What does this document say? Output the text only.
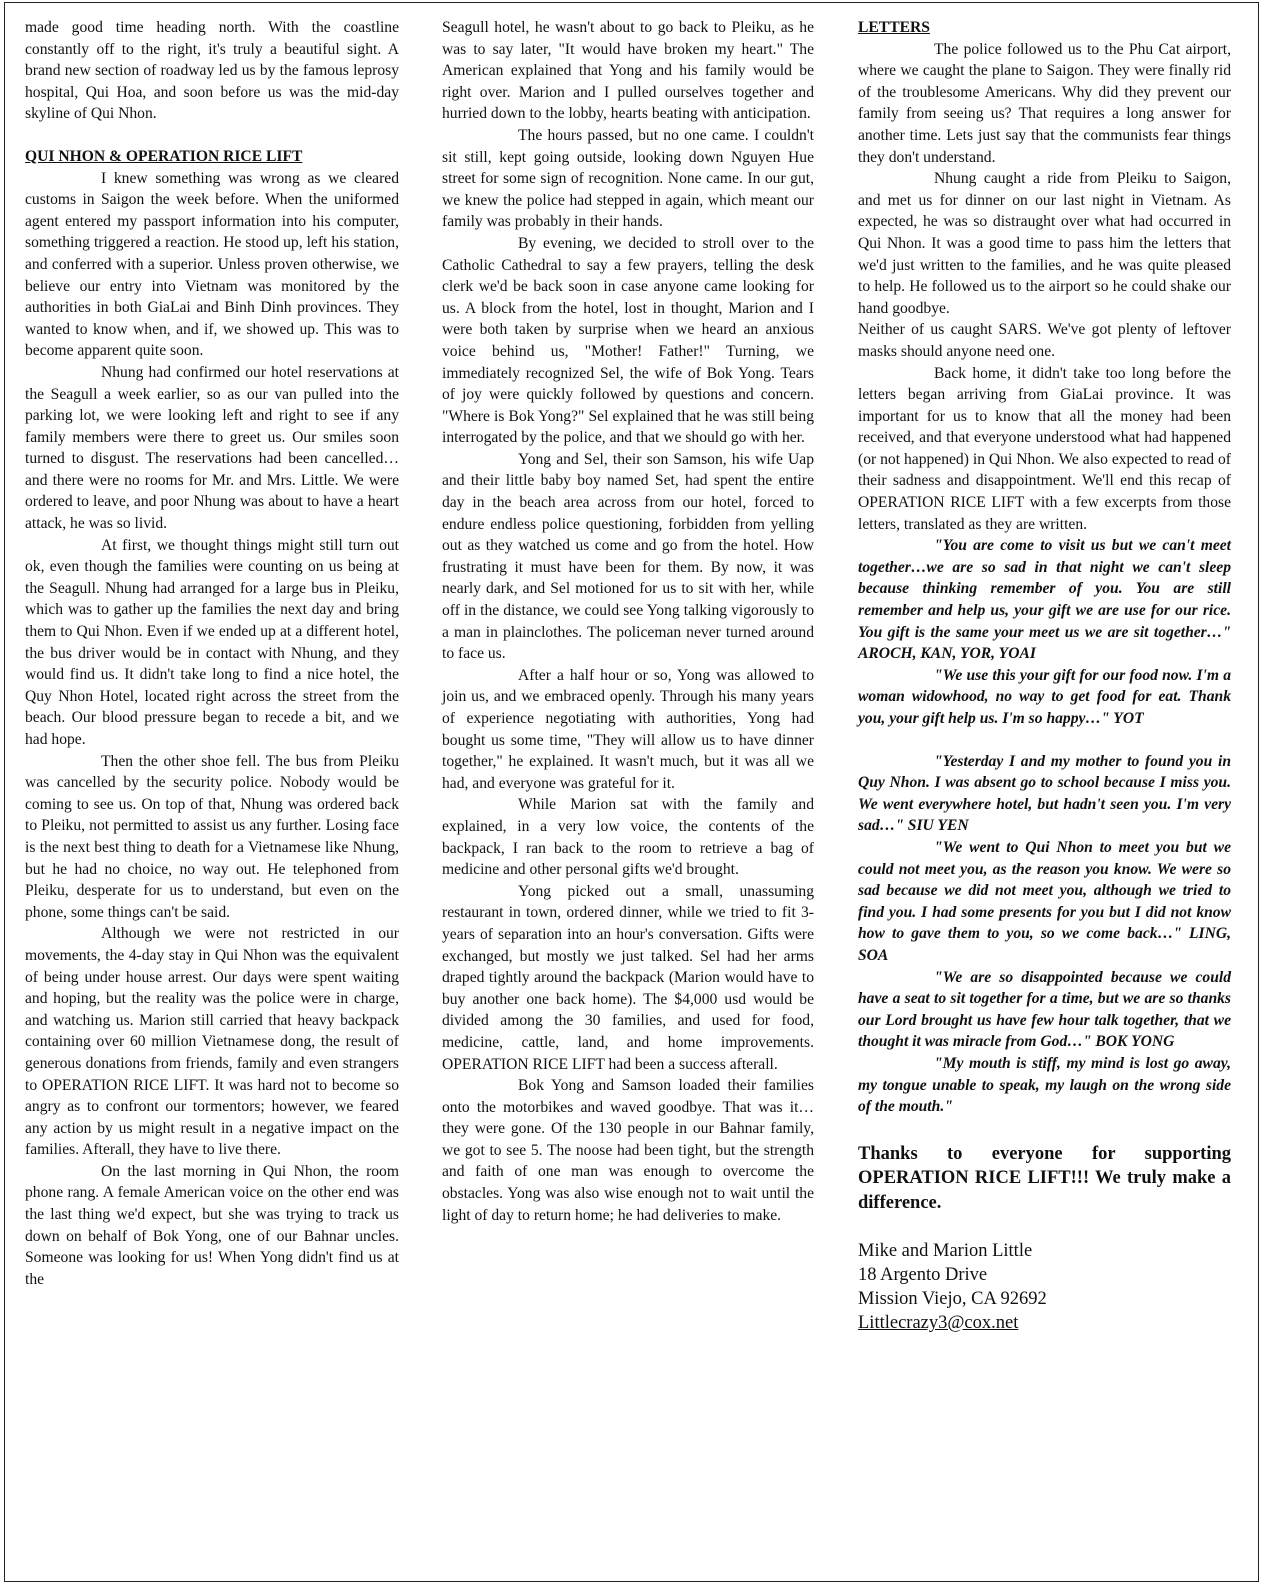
made good time heading north. With the coastline constantly off to the right, it's truly a beautiful sight. A brand new section of roadway led us by the famous leprosy hospital, Qui Hoa, and soon before us was the mid-day skyline of Qui Nhon.

QUI NHON & OPERATION RICE LIFT

I knew something was wrong as we cleared customs in Saigon the week before. When the uniformed agent entered my passport information into his computer, something triggered a reaction. He stood up, left his station, and conferred with a superior. Unless proven otherwise, we believe our entry into Vietnam was monitored by the authorities in both GiaLai and Binh Dinh provinces. They wanted to know when, and if, we showed up. This was to become apparent quite soon.

Nhung had confirmed our hotel reservations at the Seagull a week earlier, so as our van pulled into the parking lot, we were looking left and right to see if any family members were there to greet us. Our smiles soon turned to disgust. The reservations had been cancelled…and there were no rooms for Mr. and Mrs. Little. We were ordered to leave, and poor Nhung was about to have a heart attack, he was so livid.

At first, we thought things might still turn out ok, even though the families were counting on us being at the Seagull. Nhung had arranged for a large bus in Pleiku, which was to gather up the families the next day and bring them to Qui Nhon. Even if we ended up at a different hotel, the bus driver would be in contact with Nhung, and they would find us. It didn't take long to find a nice hotel, the Quy Nhon Hotel, located right across the street from the beach. Our blood pressure began to recede a bit, and we had hope.

Then the other shoe fell. The bus from Pleiku was cancelled by the security police. Nobody would be coming to see us. On top of that, Nhung was ordered back to Pleiku, not permitted to assist us any further. Losing face is the next best thing to death for a Vietnamese like Nhung, but he had no choice, no way out. He telephoned from Pleiku, desperate for us to understand, but even on the phone, some things can't be said.

Although we were not restricted in our movements, the 4-day stay in Qui Nhon was the equivalent of being under house arrest. Our days were spent waiting and hoping, but the reality was the police were in charge, and watching us. Marion still carried that heavy backpack containing over 60 million Vietnamese dong, the result of generous donations from friends, family and even strangers to OPERATION RICE LIFT. It was hard not to become so angry as to confront our tormentors; however, we feared any action by us might result in a negative impact on the families. Afterall, they have to live there.

On the last morning in Qui Nhon, the room phone rang. A female American voice on the other end was the last thing we'd expect, but she was trying to track us down on behalf of Bok Yong, one of our Bahnar uncles. Someone was looking for us! When Yong didn't find us at the

Seagull hotel, he wasn't about to go back to Pleiku, as he was to say later, "It would have broken my heart." The American explained that Yong and his family would be right over. Marion and I pulled ourselves together and hurried down to the lobby, hearts beating with anticipation.

The hours passed, but no one came. I couldn't sit still, kept going outside, looking down Nguyen Hue street for some sign of recognition. None came. In our gut, we knew the police had stepped in again, which meant our family was probably in their hands.

By evening, we decided to stroll over to the Catholic Cathedral to say a few prayers, telling the desk clerk we'd be back soon in case anyone came looking for us. A block from the hotel, lost in thought, Marion and I were both taken by surprise when we heard an anxious voice behind us, "Mother! Father!" Turning, we immediately recognized Sel, the wife of Bok Yong. Tears of joy were quickly followed by questions and concern. "Where is Bok Yong?" Sel explained that he was still being interrogated by the police, and that we should go with her.

Yong and Sel, their son Samson, his wife Uap and their little baby boy named Set, had spent the entire day in the beach area across from our hotel, forced to endure endless police questioning, forbidden from yelling out as they watched us come and go from the hotel. How frustrating it must have been for them. By now, it was nearly dark, and Sel motioned for us to sit with her, while off in the distance, we could see Yong talking vigorously to a man in plainclothes. The policeman never turned around to face us.

After a half hour or so, Yong was allowed to join us, and we embraced openly. Through his many years of experience negotiating with authorities, Yong had bought us some time, "They will allow us to have dinner together," he explained. It wasn't much, but it was all we had, and everyone was grateful for it.

While Marion sat with the family and explained, in a very low voice, the contents of the backpack, I ran back to the room to retrieve a bag of medicine and other personal gifts we'd brought.

Yong picked out a small, unassuming restaurant in town, ordered dinner, while we tried to fit 3-years of separation into an hour's conversation. Gifts were exchanged, but mostly we just talked. Sel had her arms draped tightly around the backpack (Marion would have to buy another one back home). The $4,000 usd would be divided among the 30 families, and used for food, medicine, cattle, land, and home improvements. OPERATION RICE LIFT had been a success afterall.

Bok Yong and Samson loaded their families onto the motorbikes and waved goodbye. That was it…they were gone. Of the 130 people in our Bahnar family, we got to see 5. The noose had been tight, but the strength and faith of one man was enough to overcome the obstacles. Yong was also wise enough not to wait until the light of day to return home; he had deliveries to make.

LETTERS

The police followed us to the Phu Cat airport, where we caught the plane to Saigon. They were finally rid of the troublesome Americans. Why did they prevent our family from seeing us? That requires a long answer for another time. Lets just say that the communists fear things they don't understand.

Nhung caught a ride from Pleiku to Saigon, and met us for dinner on our last night in Vietnam. As expected, he was so distraught over what had occurred in Qui Nhon. It was a good time to pass him the letters that we'd just written to the families, and he was quite pleased to help. He followed us to the airport so he could shake our hand goodbye.

Neither of us caught SARS. We've got plenty of leftover masks should anyone need one.

Back home, it didn't take too long before the letters began arriving from GiaLai province. It was important for us to know that all the money had been received, and that everyone understood what had happened (or not happened) in Qui Nhon. We also expected to read of their sadness and disappointment. We'll end this recap of OPERATION RICE LIFT with a few excerpts from those letters, translated as they are written.

"You are come to visit us but we can't meet together…we are so sad in that night we can't sleep because thinking remember of you. You are still remember and help us, your gift we are use for our rice. You gift is the same your meet us we are sit together…" AROCH, KAN, YOR, YOAI

"We use this your gift for our food now. I'm a woman widowhood, no way to get food for eat. Thank you, your gift help us. I'm so happy…" YOT

"Yesterday I and my mother to found you in Quy Nhon. I was absent go to school because I miss you. We went everywhere hotel, but hadn't seen you. I'm very sad…" SIU YEN

"We went to Qui Nhon to meet you but we could not meet you, as the reason you know. We were so sad because we did not meet you, although we tried to find you. I had some presents for you but I did not know how to gave them to you, so we come back…" LING, SOA

"We are so disappointed because we could have a seat to sit together for a time, but we are so thanks our Lord brought us have few hour talk together, that we thought it was miracle from God…" BOK YONG

"My mouth is stiff, my mind is lost go away, my tongue unable to speak, my laugh on the wrong side of the mouth."

Thanks to everyone for supporting OPERATION RICE LIFT!!! We truly make a difference.

Mike and Marion Little
18 Argento Drive
Mission Viejo, CA 92692
Littlecrazy3@cox.net
